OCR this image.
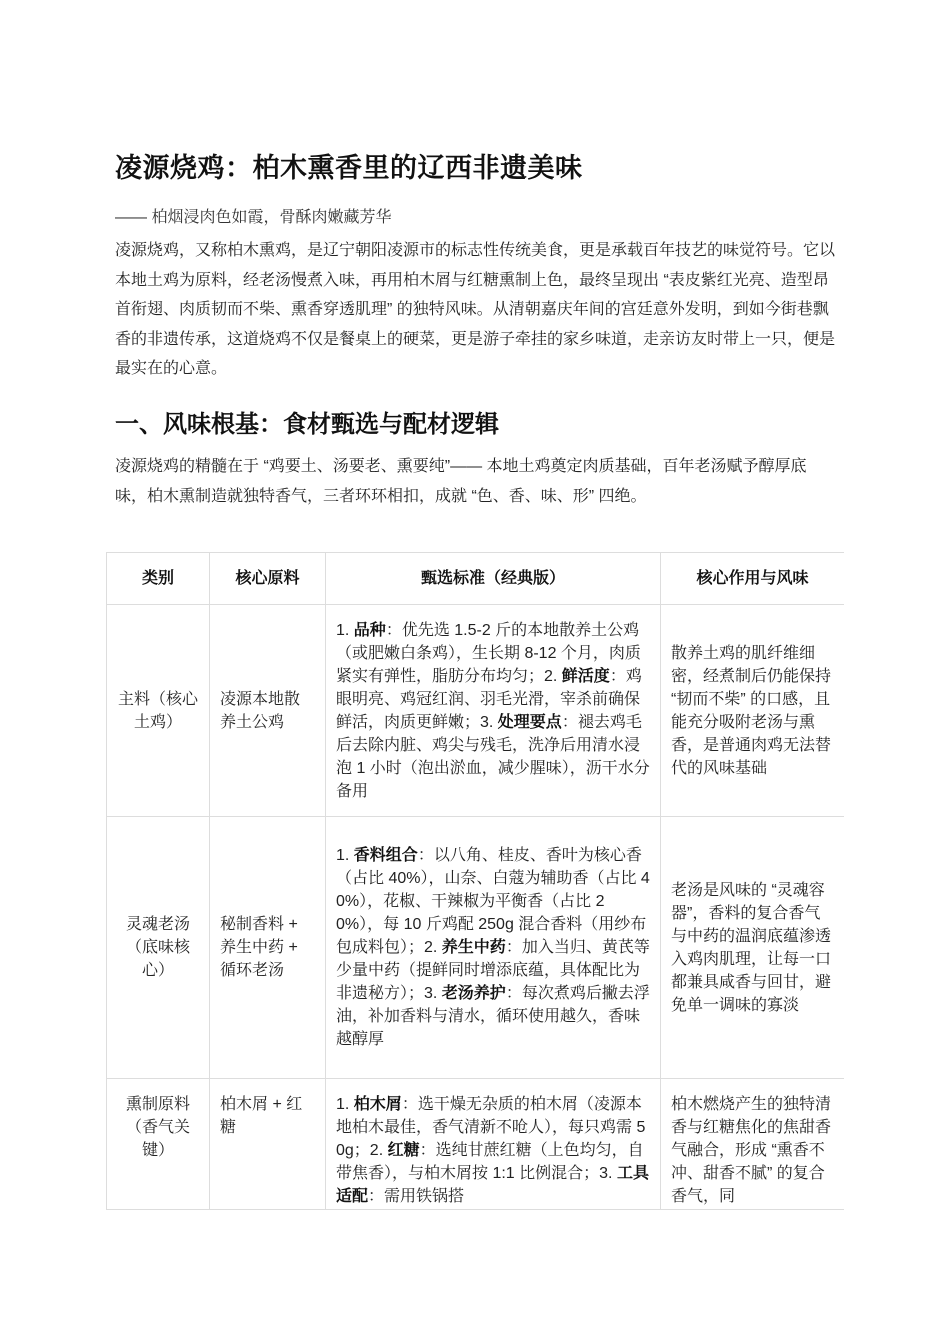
凌源烧鸡：柏木熏香里的辽西非遗美味

—— 柏烟浸肉色如霞，骨酥肉嫩藏芳华

凌源烧鸡，又称柏木熏鸡，是辽宁朝阳凌源市的标志性传统美食，更是承载百年技艺的味觉符号。它以本地土鸡为原料，经老汤慢煮入味，再用柏木屑与红糖熏制上色，最终呈现出 “表皮紫红光亮、造型昂首衔翅、肉质韧而不柴、熏香穿透肌理” 的独特风味。从清朝嘉庆年间的宫廷意外发明，到如今街巷飘香的非遗传承，这道烧鸡不仅是餐桌上的硬菜，更是游子牵挂的家乡味道，走亲访友时带上一只，便是最实在的心意。

一、风味根基：食材甄选与配材逻辑

凌源烧鸡的精髓在于 “鸡要土、汤要老、熏要纯”—— 本地土鸡奠定肉质基础，百年老汤赋予醇厚底味，柏木熏制造就独特香气，三者环环相扣，成就 “色、香、味、形” 四绝。

类别	核心原料	甄选标准（经典版）	核心作用与风味
主料（核心土鸡）	凌源本地散养土公鸡	1. 品种：优先选 1.5-2 斤的本地散养土公鸡（或肥嫩白条鸡），生长期 8-12 个月，肉质紧实有弹性，脂肪分布均匀；2. 鲜活度：鸡眼明亮、鸡冠红润、羽毛光滑，宰杀前确保鲜活，肉质更鲜嫩；3. 处理要点：褪去鸡毛后去除内脏、鸡尖与残毛，洗净后用清水浸泡 1 小时（泡出淤血，减少腥味），沥干水分备用	散养土鸡的肌纤维细密，经煮制后仍能保持 “韧而不柴” 的口感，且能充分吸附老汤与熏香，是普通肉鸡无法替代的风味基础
灵魂老汤（底味核心）	秘制香料 + 养生中药 + 循环老汤	1. 香料组合：以八角、桂皮、香叶为核心香（占比 40%），山奈、白蔻为辅助香（占比 40%），花椒、干辣椒为平衡香（占比 20%），每 10 斤鸡配 250g 混合香料（用纱布包成料包）；2. 养生中药：加入当归、黄芪等少量中药（提鲜同时增添底蕴，具体配比为非遗秘方）；3. 老汤养护：每次煮鸡后撇去浮油，补加香料与清水，循环使用越久，香味越醇厚	老汤是风味的 “灵魂容器”，香料的复合香气与中药的温润底蕴渗透入鸡肉肌理，让每一口都兼具咸香与回甘，避免单一调味的寡淡
熏制原料（香气关键）	柏木屑 + 红糖	1. 柏木屑：选干燥无杂质的柏木屑（凌源本地柏木最佳，香气清新不呛人），每只鸡需 50g；2. 红糖：选纯甘蔗红糖（上色均匀，自带焦香），与柏木屑按 1:1 比例混合；3. 工具适配：需用铁锅搭	柏木燃烧产生的独特清香与红糖焦化的焦甜香气融合，形成 “熏香不冲、甜香不腻” 的复合香气，同
